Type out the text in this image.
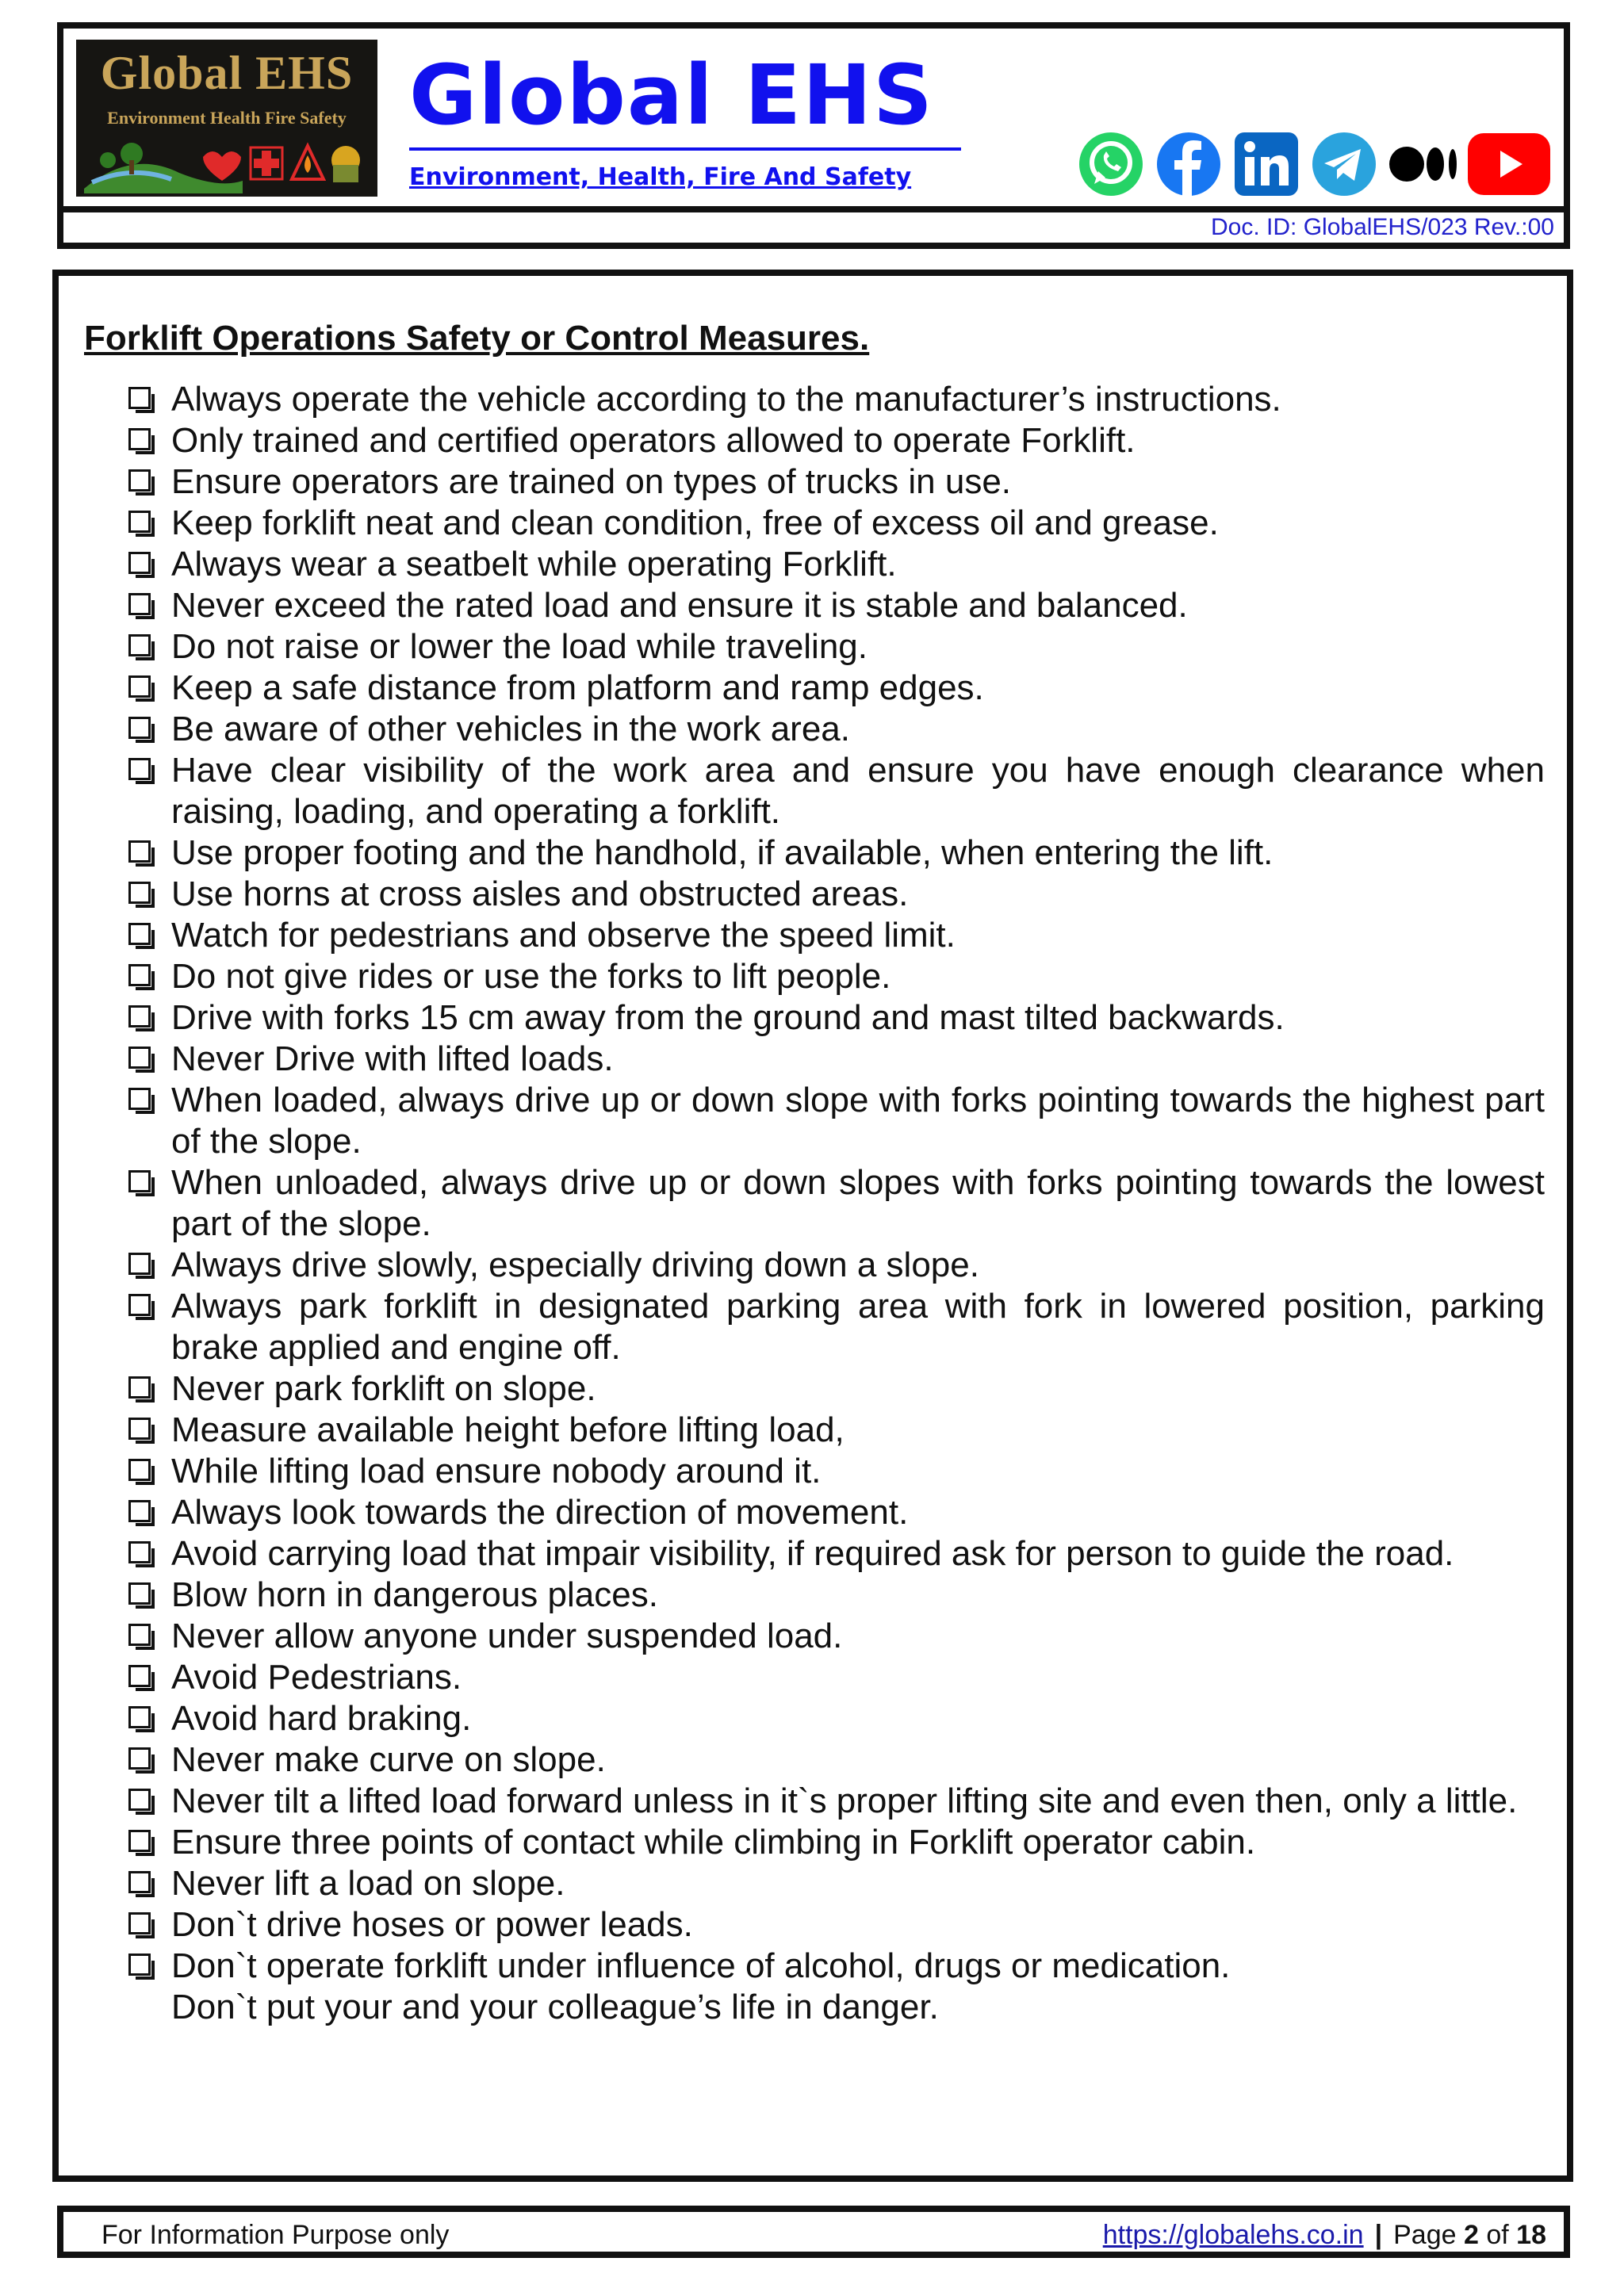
Global EHS
Environment Health Fire Safety Global EHS
Environment, Health, Fire And Safety
Doc. ID: GlobalEHS/023 Rev.:00
Forklift Operations Safety or Control Measures.
Always operate the vehicle according to the manufacturer’s instructions.
Only trained and certified operators allowed to operate Forklift.
Ensure operators are trained on types of trucks in use.
Keep forklift neat and clean condition, free of excess oil and grease.
Always wear a seatbelt while operating Forklift.
Never exceed the rated load and ensure it is stable and balanced.
Do not raise or lower the load while traveling.
Keep a safe distance from platform and ramp edges.
Be aware of other vehicles in the work area.
Have clear visibility of the work area and ensure you have enough clearance when raising, loading, and operating a forklift.
Use proper footing and the handhold, if available, when entering the lift.
Use horns at cross aisles and obstructed areas.
Watch for pedestrians and observe the speed limit.
Do not give rides or use the forks to lift people.
Drive with forks 15 cm away from the ground and mast tilted backwards.
Never Drive with lifted loads.
When loaded, always drive up or down slope with forks pointing towards the highest part of the slope.
When unloaded, always drive up or down slopes with forks pointing towards the lowest part of the slope.
Always drive slowly, especially driving down a slope.
Always park forklift in designated parking area with fork in lowered position, parking brake applied and engine off.
Never park forklift on slope.
Measure available height before lifting load,
While lifting load ensure nobody around it.
Always look towards the direction of movement.
Avoid carrying load that impair visibility, if required ask for person to guide the road.
Blow horn in dangerous places.
Never allow anyone under suspended load.
Avoid Pedestrians.
Avoid hard braking.
Never make curve on slope.
Never tilt a lifted load forward unless in it`s proper lifting site and even then, only a little.
Ensure three points of contact while climbing in Forklift operator cabin.
Never lift a load on slope.
Don`t drive hoses or power leads.
Don`t operate forklift under influence of alcohol, drugs or medication.
Don`t put your and your colleague’s life in danger.
For Information Purpose only	https://globalehs.co.in | Page 2 of 18
